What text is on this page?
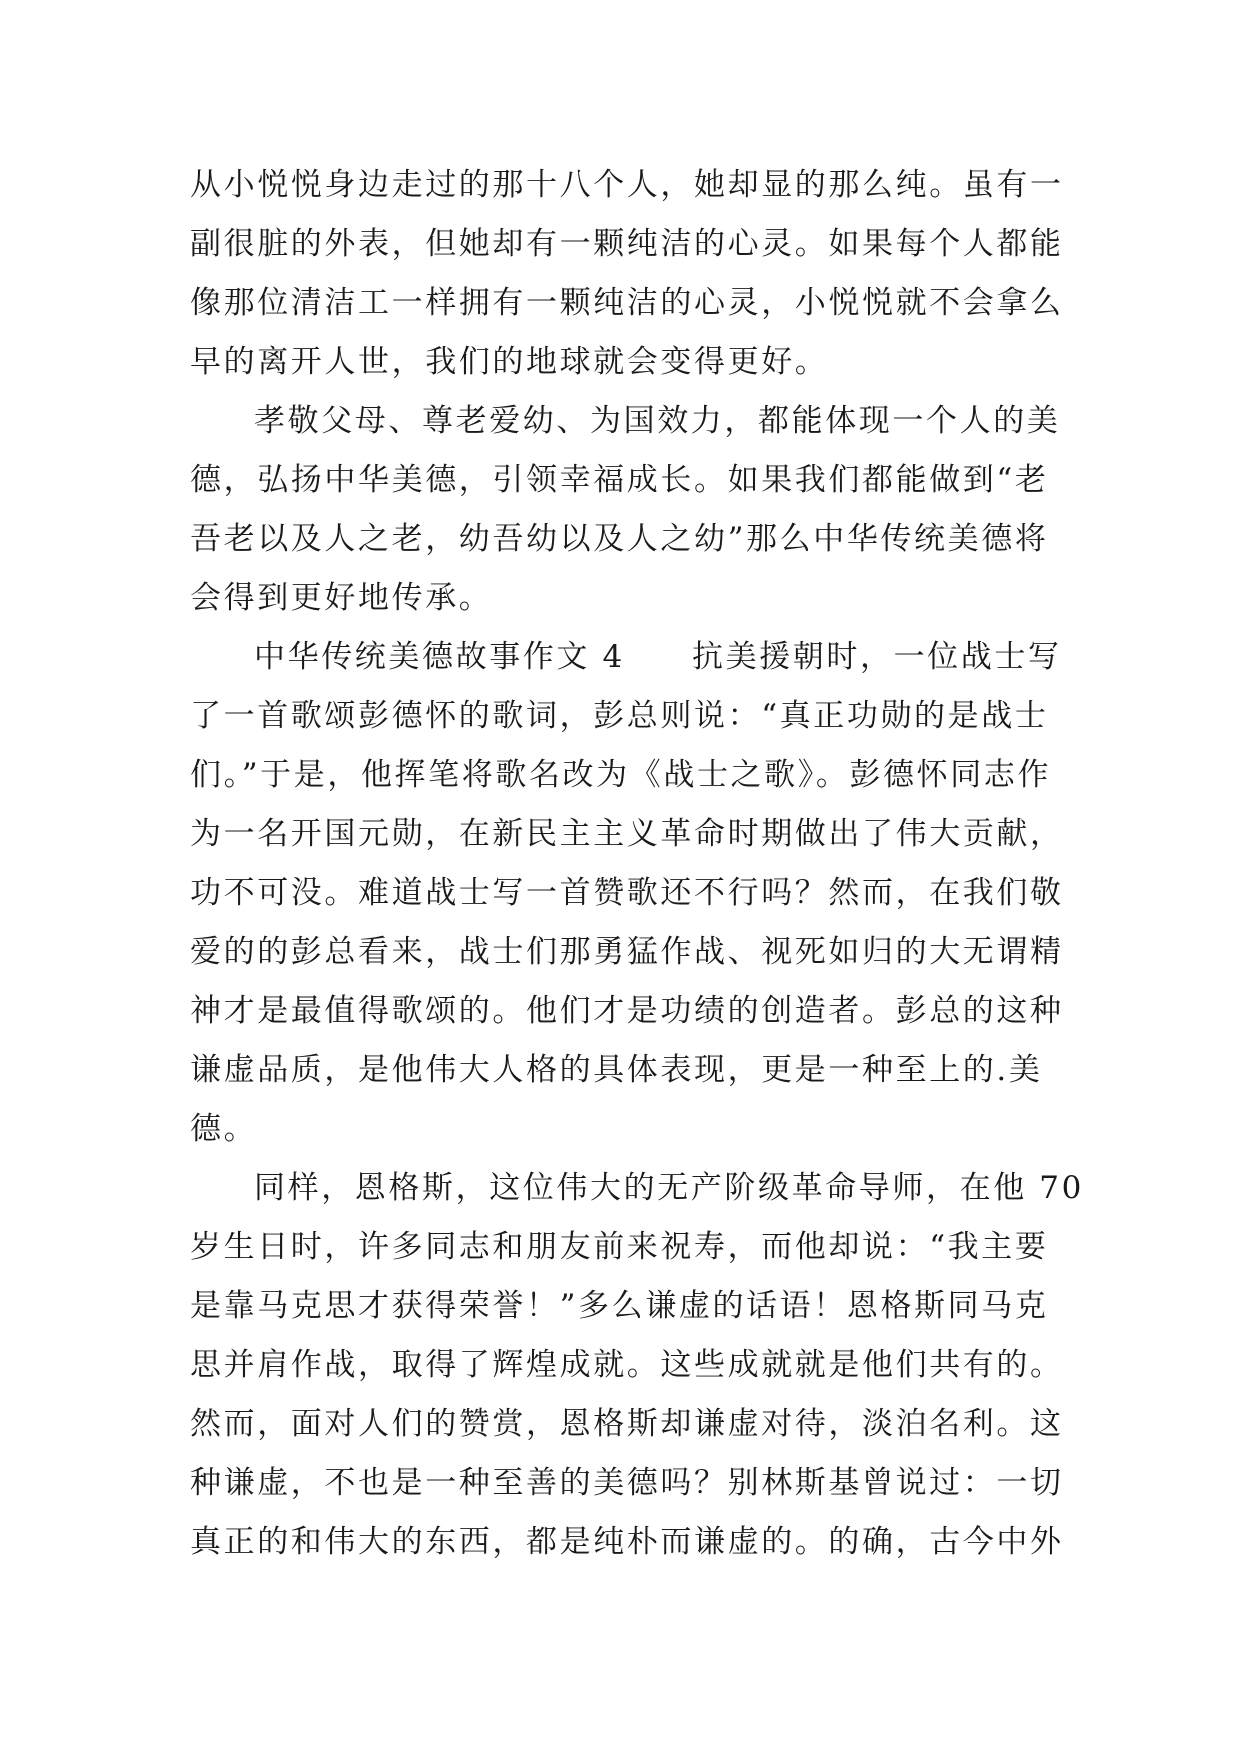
从小悦悦身边走过的那十八个人，她却显的那么纯。虽有一
副很脏的外表，但她却有一颗纯洁的心灵。如果每个人都能
像那位清洁工一样拥有一颗纯洁的心灵，小悦悦就不会拿么
早的离开人世，我们的地球就会变得更好。
孝敬父母、尊老爱幼、为国效力，都能体现一个人的美
德，弘扬中华美德，引领幸福成长。如果我们都能做到“老
吾老以及人之老，幼吾幼以及人之幼”那么中华传统美德将
会得到更好地传承。
中华传统美德故事作文 4　　抗美援朝时，一位战士写
了一首歌颂彭德怀的歌词，彭总则说：“真正功勋的是战士
们。”于是，他挥笔将歌名改为《战士之歌》。彭德怀同志作
为一名开国元勋，在新民主主义革命时期做出了伟大贡献，
功不可没。难道战士写一首赞歌还不行吗？然而，在我们敬
爱的的彭总看来，战士们那勇猛作战、视死如归的大无谓精
神才是最值得歌颂的。他们才是功绩的创造者。彭总的这种
谦虚品质，是他伟大人格的具体表现，更是一种至上的.美
德。
同样，恩格斯，这位伟大的无产阶级革命导师，在他 70
岁生日时，许多同志和朋友前来祝寿，而他却说：“我主要
是靠马克思才获得荣誉！”多么谦虚的话语！恩格斯同马克
思并肩作战，取得了辉煌成就。这些成就就是他们共有的。
然而，面对人们的赞赏，恩格斯却谦虚对待，淡泊名利。这
种谦虚，不也是一种至善的美德吗？别林斯基曾说过：一切
真正的和伟大的东西，都是纯朴而谦虚的。的确，古今中外
